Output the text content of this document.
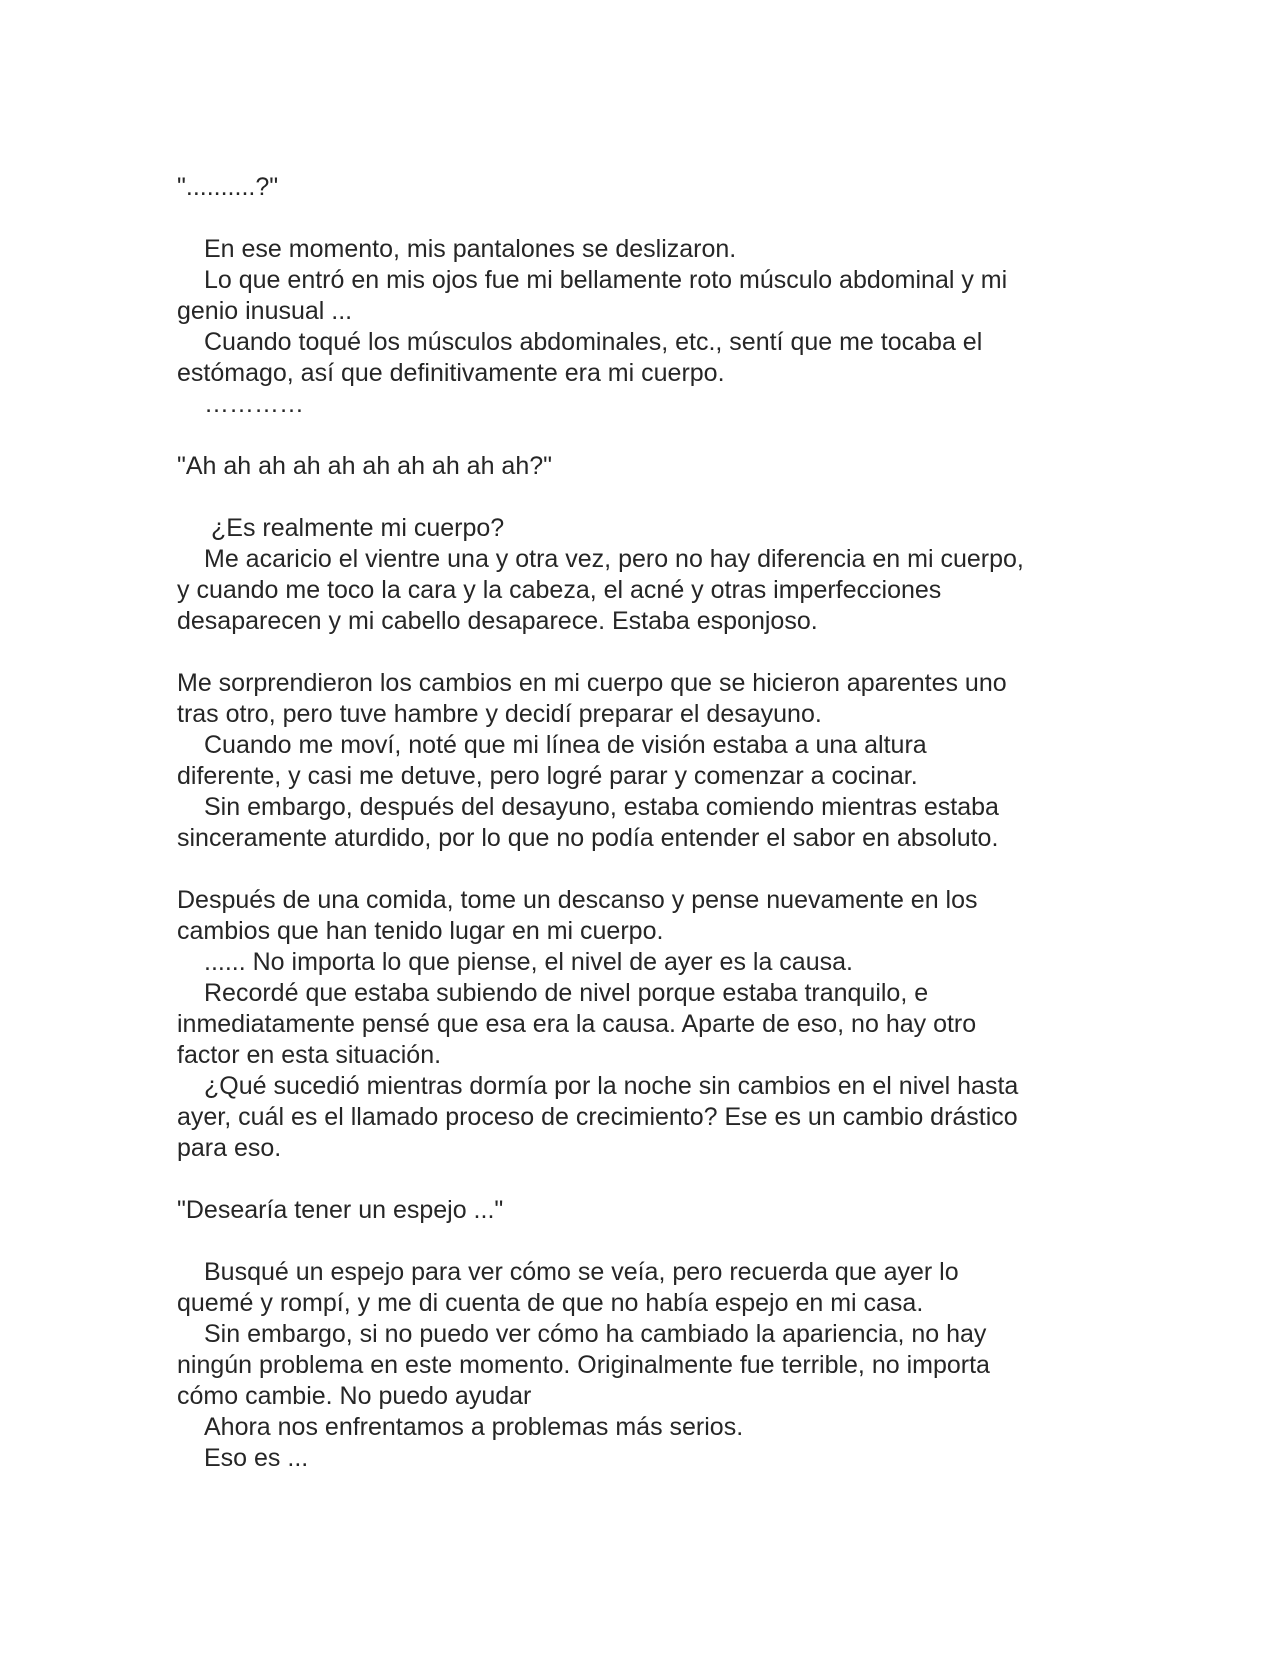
"..........?"
En ese momento, mis pantalones se deslizaron.
Lo que entró en mis ojos fue mi bellamente roto músculo abdominal y mi
genio inusual ...
Cuando toqué los músculos abdominales, etc., sentí que me tocaba el
estómago, así que definitivamente era mi cuerpo.
…………
"Ah ah ah ah ah ah ah ah ah ah?"
¿Es realmente mi cuerpo?
Me acaricio el vientre una y otra vez, pero no hay diferencia en mi cuerpo,
y cuando me toco la cara y la cabeza, el acné y otras imperfecciones
desaparecen y mi cabello desaparece. Estaba esponjoso.
Me sorprendieron los cambios en mi cuerpo que se hicieron aparentes uno
tras otro, pero tuve hambre y decidí preparar el desayuno.
Cuando me moví, noté que mi línea de visión estaba a una altura
diferente, y casi me detuve, pero logré parar y comenzar a cocinar.
Sin embargo, después del desayuno, estaba comiendo mientras estaba
sinceramente aturdido, por lo que no podía entender el sabor en absoluto.
Después de una comida, tome un descanso y pense nuevamente en los
cambios que han tenido lugar en mi cuerpo.
...... No importa lo que piense, el nivel de ayer es la causa.
Recordé que estaba subiendo de nivel porque estaba tranquilo, e
inmediatamente pensé que esa era la causa. Aparte de eso, no hay otro
factor en esta situación.
¿Qué sucedió mientras dormía por la noche sin cambios en el nivel hasta
ayer, cuál es el llamado proceso de crecimiento? Ese es un cambio drástico
para eso.
"Desearía tener un espejo ..."
Busqué un espejo para ver cómo se veía, pero recuerda que ayer lo
quemé y rompí, y me di cuenta de que no había espejo en mi casa.
Sin embargo, si no puedo ver cómo ha cambiado la apariencia, no hay
ningún problema en este momento. Originalmente fue terrible, no importa
cómo cambie. No puedo ayudar
Ahora nos enfrentamos a problemas más serios.
Eso es ...
